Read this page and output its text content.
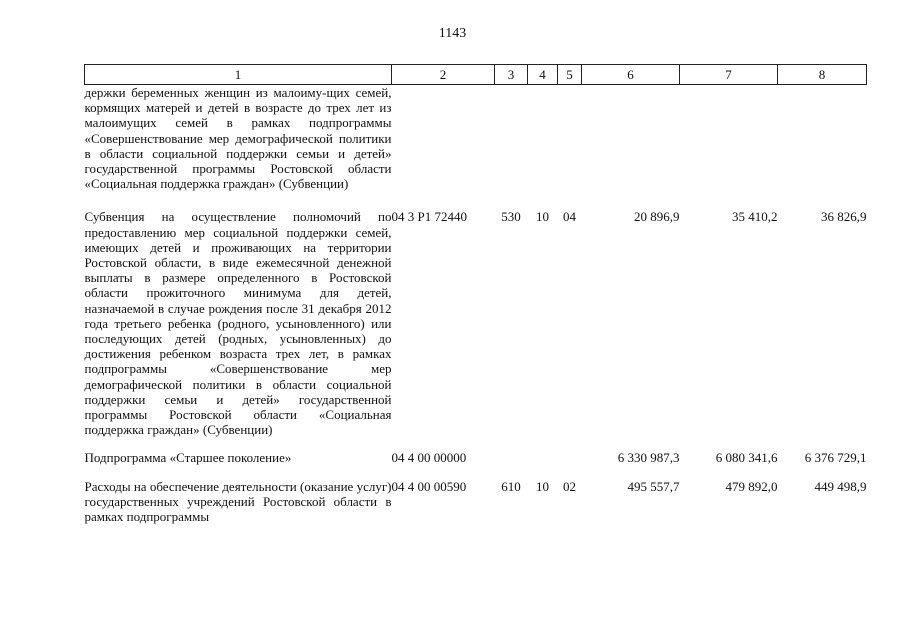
1143
1	2	3	4	5	6	7	8
держки беременных женщин из малоиму-щих семей, кормящих матерей и детей в возрасте до трех лет из малоимущих семей в рамках подпрограммы «Совершенствование мер демографической политики в области социальной поддержки семьи и детей» государственной программы Ростовской области «Социальная поддержка граждан» (Субвенции)							
Субвенция на осуществление полномочий по предоставлению мер социальной поддержки семей, имеющих детей и проживающих на территории Ростовской области, в виде ежемесячной денежной выплаты в размере определенного в Ростовской области прожиточного минимума для детей, назначаемой в случае рождения после 31 декабря 2012 года третьего ребенка (родного, усыновленного) или последующих детей (родных, усыновленных) до достижения ребенком возраста трех лет, в рамках подпрограммы «Совершенствование мер демографической политики в области социальной поддержки семьи и детей» государственной программы Ростовской области «Социальная поддержка граждан» (Субвенции)	04 3 P1 72440	530	10	04	20 896,9	35 410,2	36 826,9
Подпрограмма «Старшее поколение»	04 4 00 00000				6 330 987,3	6 080 341,6	6 376 729,1
Расходы на обеспечение деятельности (оказание услуг) государственных учреждений Ростовской области в рамках подпрограммы	04 4 00 00590	610	10	02	495 557,7	479 892,0	449 498,9
